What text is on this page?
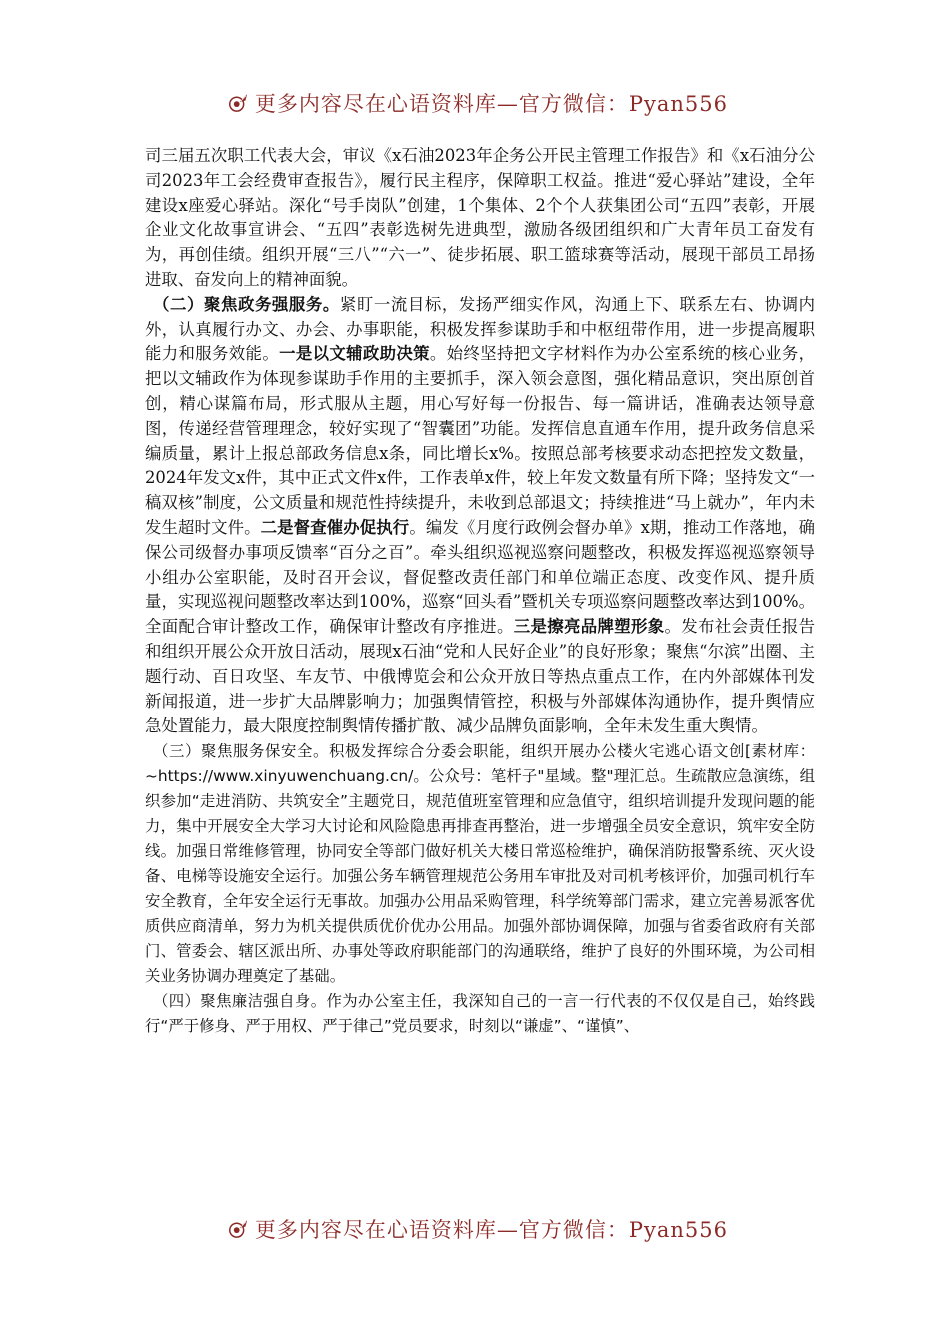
更多内容尽在心语资料库—官方微信：Pyan556

司三届五次职工代表大会，审议《x石油2023年企务公开民主管理工作报告》和《x石油分公司2023年工会经费审查报告》，履行民主程序，保障职工权益。推进“爱心驿站”建设，全年建设x座爱心驿站。深化“号手岗队”创建，1个集体、2个个人获集团公司“五四”表彰，开展企业文化故事宣讲会、“五四”表彰选树先进典型，激励各级团组织和广大青年员工奋发有为，再创佳绩。组织开展“三八”“六一”、徒步拓展、职工篮球赛等活动，展现干部员工昂扬进取、奋发向上的精神面貌。

（二）聚焦政务强服务。紧盯一流目标，发扬严细实作风，沟通上下、联系左右、协调内外，认真履行办文、办会、办事职能，积极发挥参谋助手和中枢纽带作用，进一步提高履职能力和服务效能。一是以文辅政助决策。始终坚持把文字材料作为办公室系统的核心业务，把以文辅政作为体现参谋助手作用的主要抓手，深入领会意图，强化精品意识，突出原创首创，精心谋篇布局，形式服从主题，用心写好每一份报告、每一篇讲话，准确表达领导意图，传递经营管理理念，较好实现了“智囊团”功能。发挥信息直通车作用，提升政务信息采编质量，累计上报总部政务信息x条，同比增长x%。按照总部考核要求动态把控发文数量，2024年发文x件，其中正式文件x件，工作表单x件，较上年发文数量有所下降；坚持发文“一稿双核”制度，公文质量和规范性持续提升，未收到总部退文；持续推进“马上就办”，年内未发生超时文件。二是督查催办促执行。编发《月度行政例会督办单》x期，推动工作落地，确保公司级督办事项反馈率“百分之百”。牵头组织巡视巡察问题整改，积极发挥巡视巡察领导小组办公室职能，及时召开会议，督促整改责任部门和单位端正态度、改变作风、提升质量，实现巡视问题整改率达到100%，巡察“回头看”暨机关专项巡察问题整改率达到100%。全面配合审计整改工作，确保审计整改有序推进。三是擦亮品牌塑形象。发布社会责任报告和组织开展公众开放日活动，展现x石油“党和人民好企业”的良好形象；聚焦“尔滨”出圈、主题行动、百日攻坚、车友节、中俄博览会和公众开放日等热点重点工作，在内外部媒体刊发新闻报道，进一步扩大品牌影响力；加强舆情管控，积极与外部媒体沟通协作，提升舆情应急处置能力，最大限度控制舆情传播扩散、减少品牌负面影响，全年未发生重大舆情。

（三）聚焦服务保安全。积极发挥综合分委会职能，组织开展办公楼火宅逃心语文创[素材库：~https://www.xinyuwenchuang.cn/。公众号：笔杆子"星域。整"理汇总。生疏散应急演练，组织参加“走进消防、共筑安全”主题党日，规范值班室管理和应急值守，组织培训提升发现问题的能力，集中开展安全大学习大讨论和风险隐患再排查再整治，进一步增强全员安全意识，筑牢安全防线。加强日常维修管理，协同安全等部门做好机关大楼日常巡检维护，确保消防报警系统、灭火设备、电梯等设施安全运行。加强公务车辆管理规范公务用车审批及对司机考核评价，加强司机行车安全教育，全年安全运行无事故。加强办公用品采购管理，科学统筹部门需求，建立完善易派客优质供应商清单，努力为机关提供质优价优办公用品。加强外部协调保障，加强与省委省政府有关部门、管委会、辖区派出所、办事处等政府职能部门的沟通联络，维护了良好的外围环境，为公司相关业务协调办理奠定了基础。

（四）聚焦廉洁强自身。作为办公室主任，我深知自己的一言一行代表的不仅仅是自己，始终践行“严于修身、严于用权、严于律己”党员要求，时刻以“谦虚”、“谨慎”、

更多内容尽在心语资料库—官方微信：Pyan556
